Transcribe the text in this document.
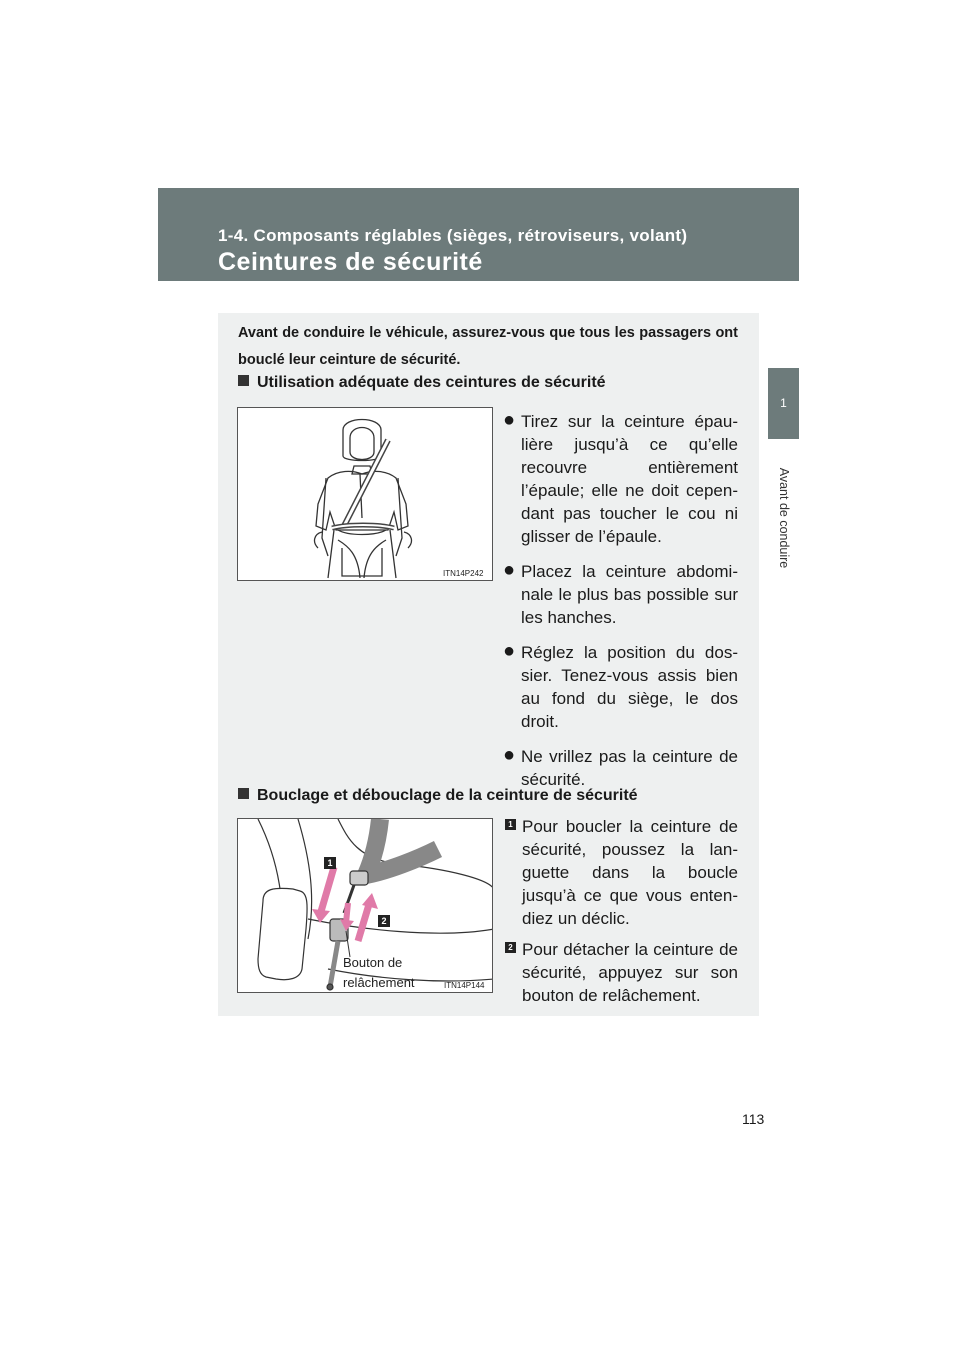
1-4. Composants réglables (sièges, rétroviseurs, volant)
Ceintures de sécurité
1
Avant de conduire
Avant de conduire le véhicule, assurez-vous que tous les passagers ont bouclé leur ceinture de sécurité.
Utilisation adéquate des ceintures de sécurité
ITN14P242
● Tirez sur la ceinture épaulière jusqu’à ce qu’elle recouvre entièrement l’épaule; elle ne doit cependant pas toucher le cou ni glisser de l’épaule.
● Placez la ceinture abdominale le plus bas possible sur les hanches.
● Réglez la position du dossier. Tenez-vous assis bien au fond du siège, le dos droit.
● Ne vrillez pas la ceinture de sécurité.
Bouclage et débouclage de la ceinture de sécurité
ITN14P144
1
2
Bouton de
relâchement
1 Pour boucler la ceinture de sécurité, poussez la languette dans la boucle jusqu’à ce que vous entendiez un déclic.
2 Pour détacher la ceinture de sécurité, appuyez sur son bouton de relâchement.
113
